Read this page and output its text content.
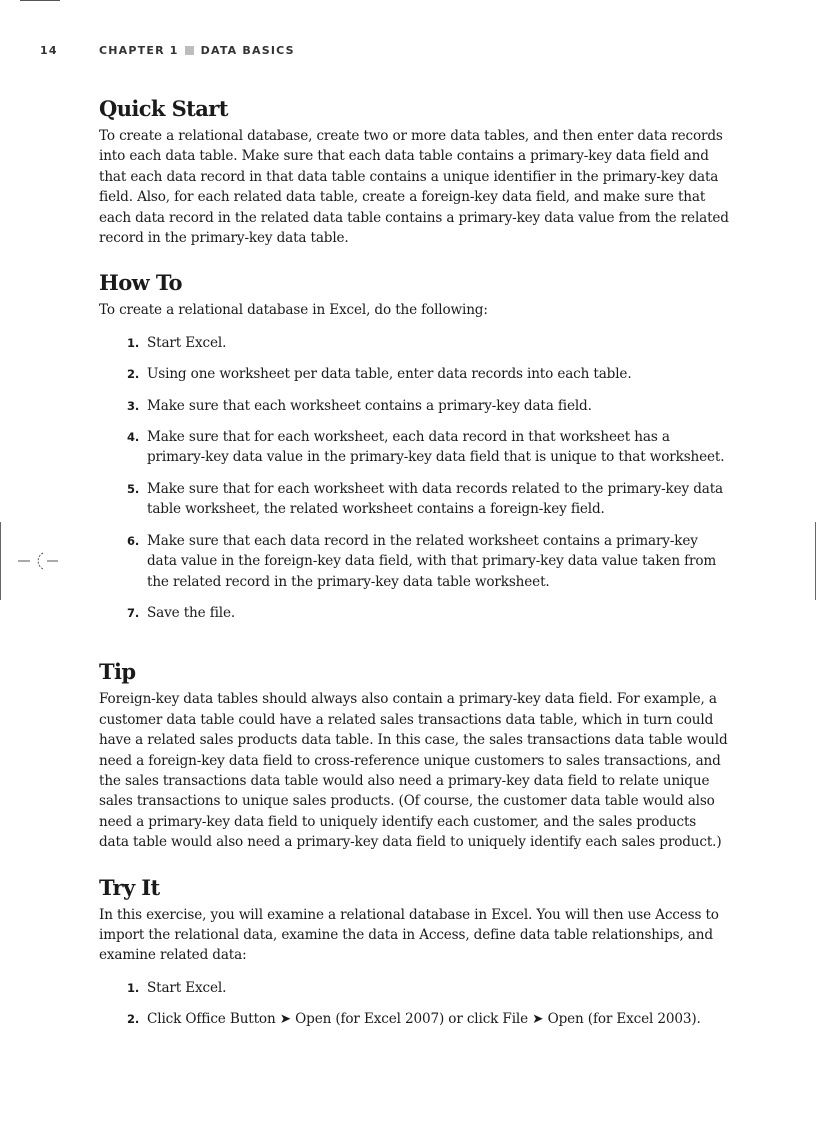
14	CHAPTER 1 DATA BASICS
Quick Start

To create a relational database, create two or more data tables, and then enter data records into each data table. Make sure that each data table contains a primary-key data field and that each data record in that data table contains a unique identifier in the primary-key data field. Also, for each related data table, create a foreign-key data field, and make sure that each data record in the related data table contains a primary-key data value from the related record in the primary-key data table.

How To

To create a relational database in Excel, do the following:

1. Start Excel.
2. Using one worksheet per data table, enter data records into each table.
3. Make sure that each worksheet contains a primary-key data field.
4. Make sure that for each worksheet, each data record in that worksheet has a primary-key data value in the primary-key data field that is unique to that worksheet.
5. Make sure that for each worksheet with data records related to the primary-key data table worksheet, the related worksheet contains a foreign-key field.
6. Make sure that each data record in the related worksheet contains a primary-key data value in the foreign-key data field, with that primary-key data value taken from the related record in the primary-key data table worksheet.
7. Save the file.
Tip

Foreign-key data tables should always also contain a primary-key data field. For example, a customer data table could have a related sales transactions data table, which in turn could have a related sales products data table. In this case, the sales transactions data table would need a foreign-key data field to cross-reference unique customers to sales transactions, and the sales transactions data table would also need a primary-key data field to relate unique sales transactions to unique sales products. (Of course, the customer data table would also need a primary-key data field to uniquely identify each customer, and the sales products data table would also need a primary-key data field to uniquely identify each sales product.)

Try It

In this exercise, you will examine a relational database in Excel. You will then use Access to import the relational data, examine the data in Access, define data table relationships, and examine related data:

1. Start Excel.
2. Click Office Button ➤ Open (for Excel 2007) or click File ➤ Open (for Excel 2003).
